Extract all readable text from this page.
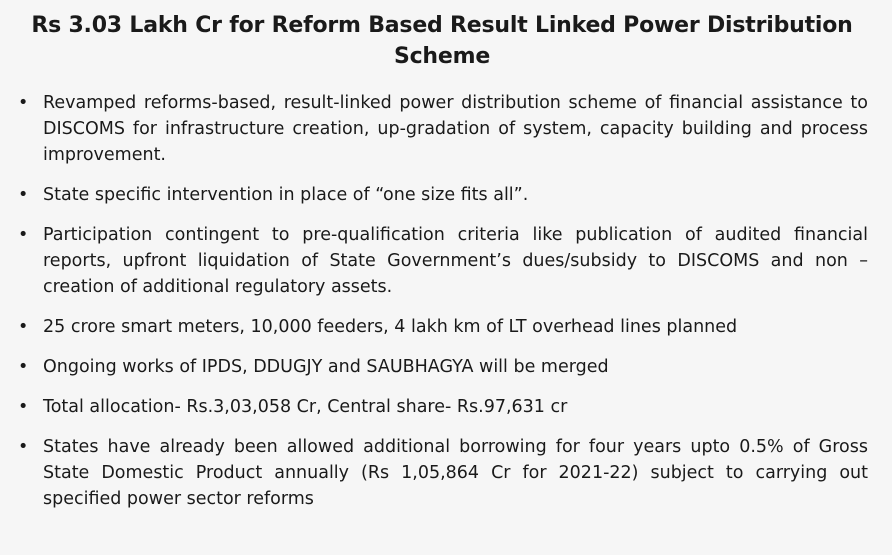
Rs 3.03 Lakh Cr for Reform Based Result Linked Power Distribution Scheme
• Revamped reforms-based, result-linked power distribution scheme of financial assistance to DISCOMS for infrastructure creation, up-gradation of system, capacity building and process improvement.
• State specific intervention in place of “one size fits all”.
• Participation contingent to pre-qualification criteria like publication of audited financial reports, upfront liquidation of State Government’s dues/subsidy to DISCOMS and non – creation of additional regulatory assets.
• 25 crore smart meters, 10,000 feeders, 4 lakh km of LT overhead lines planned
• Ongoing works of IPDS, DDUGJY and SAUBHAGYA will be merged
• Total allocation- Rs.3,03,058 Cr, Central share- Rs.97,631 cr
• States have already been allowed additional borrowing for four years upto 0.5% of Gross State Domestic Product annually (Rs 1,05,864 Cr for 2021-22) subject to carrying out specified power sector reforms
